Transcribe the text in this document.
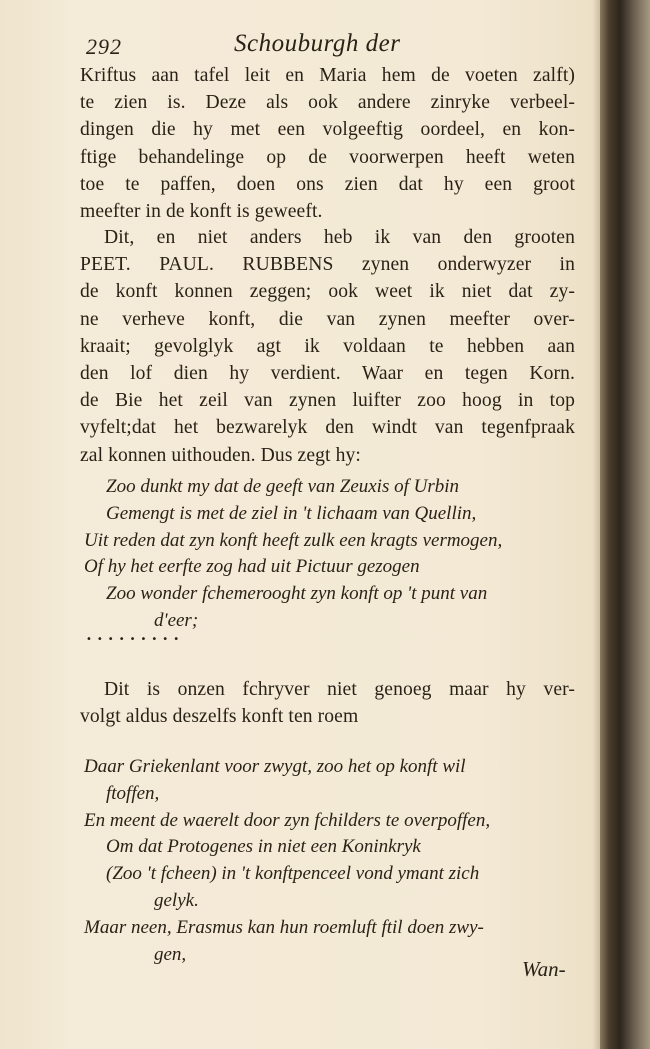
292	Schouburgh der
Kriftus aan tafel leit en Maria hem de voeten zalft)
te zien is. Deze als ook andere zinryke verbeel-
dingen die hy met een volgeeftig oordeel, en kon-
ftige behandelinge op de voorwerpen heeft weten
toe te paffen, doen ons zien dat hy een groot
meefter in de konft is geweeft.
Dit, en niet anders heb ik van den grooten
PEET. PAUL. RUBBENS zynen onderwyzer in
de konft konnen zeggen; ook weet ik niet dat zy-
ne verheve konft, die van zynen meefter over-
kraait; gevolglyk agt ik voldaan te hebben aan
den lof dien hy verdient. Waar en tegen Korn.
de Bie het zeil van zynen luifter zoo hoog in top
vyfelt;dat het bezwarelyk den windt van tegenfpraak
zal konnen uithouden. Dus zegt hy:
Zoo dunkt my dat de geeft van Zeuxis of Urbin
Gemengt is met de ziel in 't lichaam van Quellin,
Uit reden dat zyn konft heeft zulk een kragts vermogen,
Of hy het eerfte zog had uit Pictuur gezogen
Zoo wonder fchemerooght zyn konft op 't punt van
d'eer;
•••••••••
Dit is onzen fchryver niet genoeg maar hy ver-
volgt aldus deszelfs konft ten roem
Daar Griekenlant voor zwygt, zoo het op konft wil
ftoffen,
En meent de waerelt door zyn fchilders te overpoffen,
Om dat Protogenes in niet een Koninkryk
(Zoo 't fcheen) in 't konftpenceel vond ymant zich
gelyk.
Maar neen, Erasmus kan hun roemluft ftil doen zwy-
gen,
Wan-
